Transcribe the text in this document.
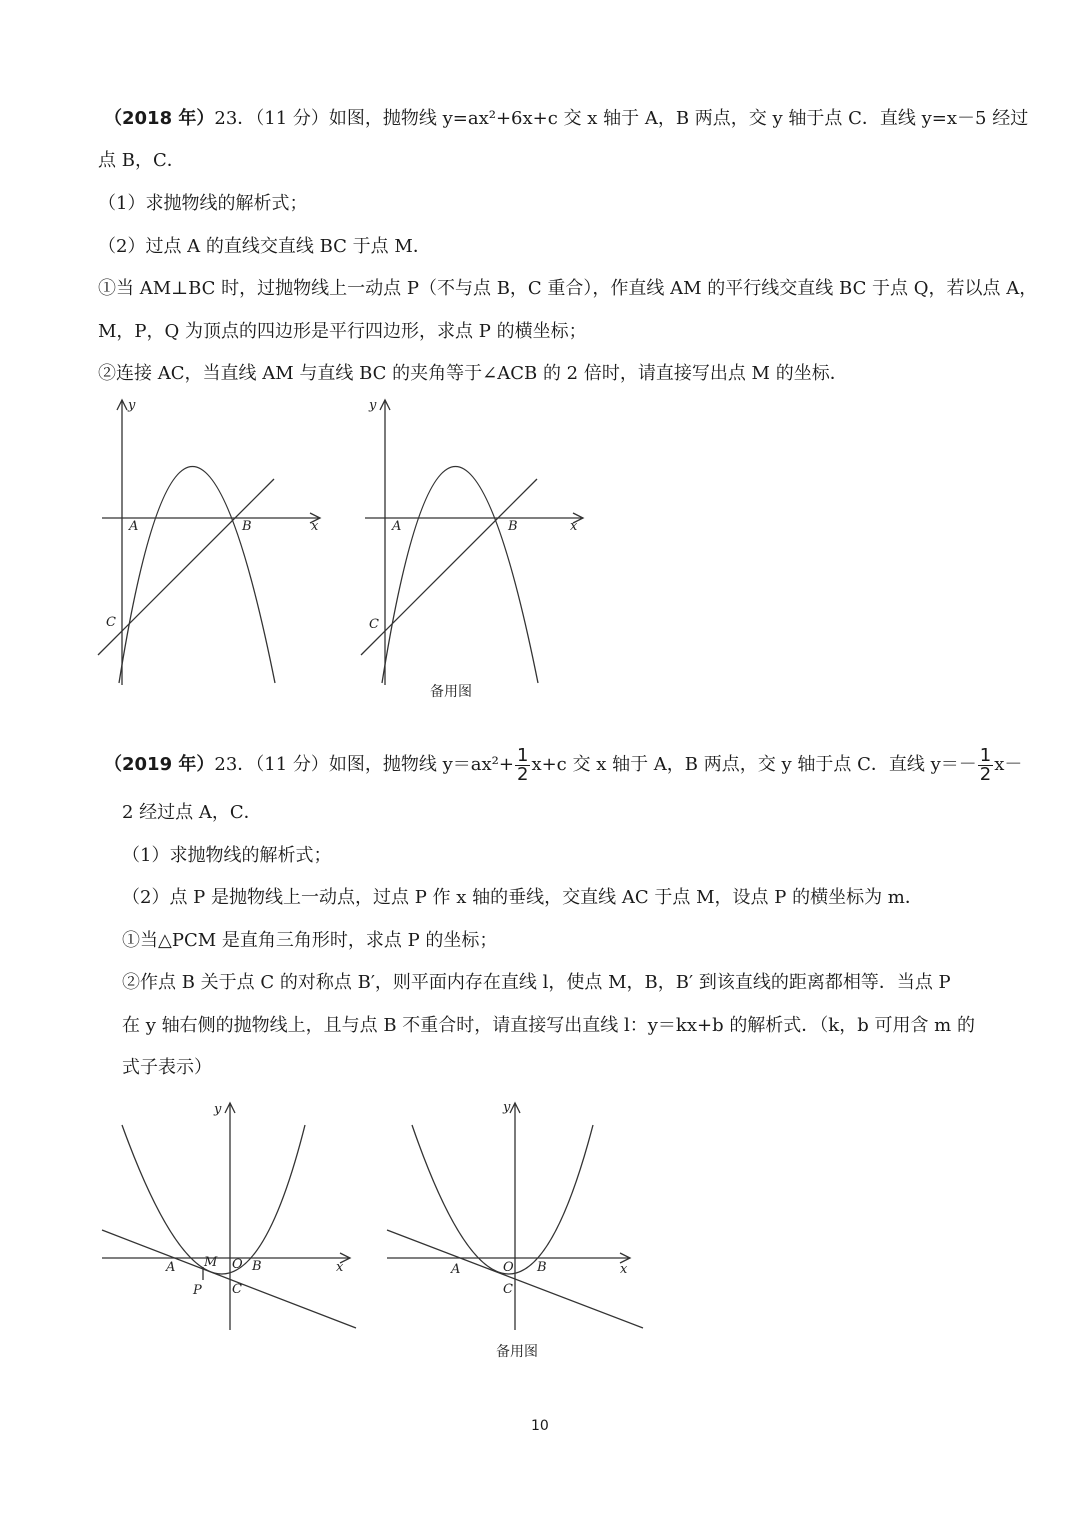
（2018 年）23．（11 分）如图，抛物线 y=ax²+6x+c 交 x 轴于 A，B 两点，交 y 轴于点 C．直线 y=x－5 经过
点 B，C．
（1）求抛物线的解析式；
（2）过点 A 的直线交直线 BC 于点 M．
①当 AM⊥BC 时，过抛物线上一动点 P（不与点 B，C 重合），作直线 AM 的平行线交直线 BC 于点 Q，若以点 A，
M，P，Q 为顶点的四边形是平行四边形，求点 P 的横坐标；
②连接 AC，当直线 AM 与直线 BC 的夹角等于∠ACB 的 2 倍时，请直接写出点 M 的坐标．
y
x
A	B
C
y
x
A	B
C
备用图
（2019 年）23．（11 分）如图，抛物线 $y=ax^2+ \frac{1}{2} x+c$ 交 x 轴于 A，B 两点，交 y 轴于点 C．直线 $y=- \frac{1}{2} x-$
2 经过点 A，C．
（1）求抛物线的解析式；
（2）点 P 是抛物线上一动点，过点 P 作 x 轴的垂线，交直线 AC 于点 M，设点 P 的横坐标为 m．
①当△PCM 是直角三角形时，求点 P 的坐标；
②作点 B 关于点 C 的对称点 B′，则平面内存在直线 l，使点 M，B，B′ 到该直线的距离都相等．当点 P
在 y 轴右侧的抛物线上，且与点 B 不重合时，请直接写出直线 l：y＝kx+b 的解析式．（k，b 可用含 m 的
式子表示）
y
x
A M O B
C
P
y
x
A	O B
C
备用图
10
